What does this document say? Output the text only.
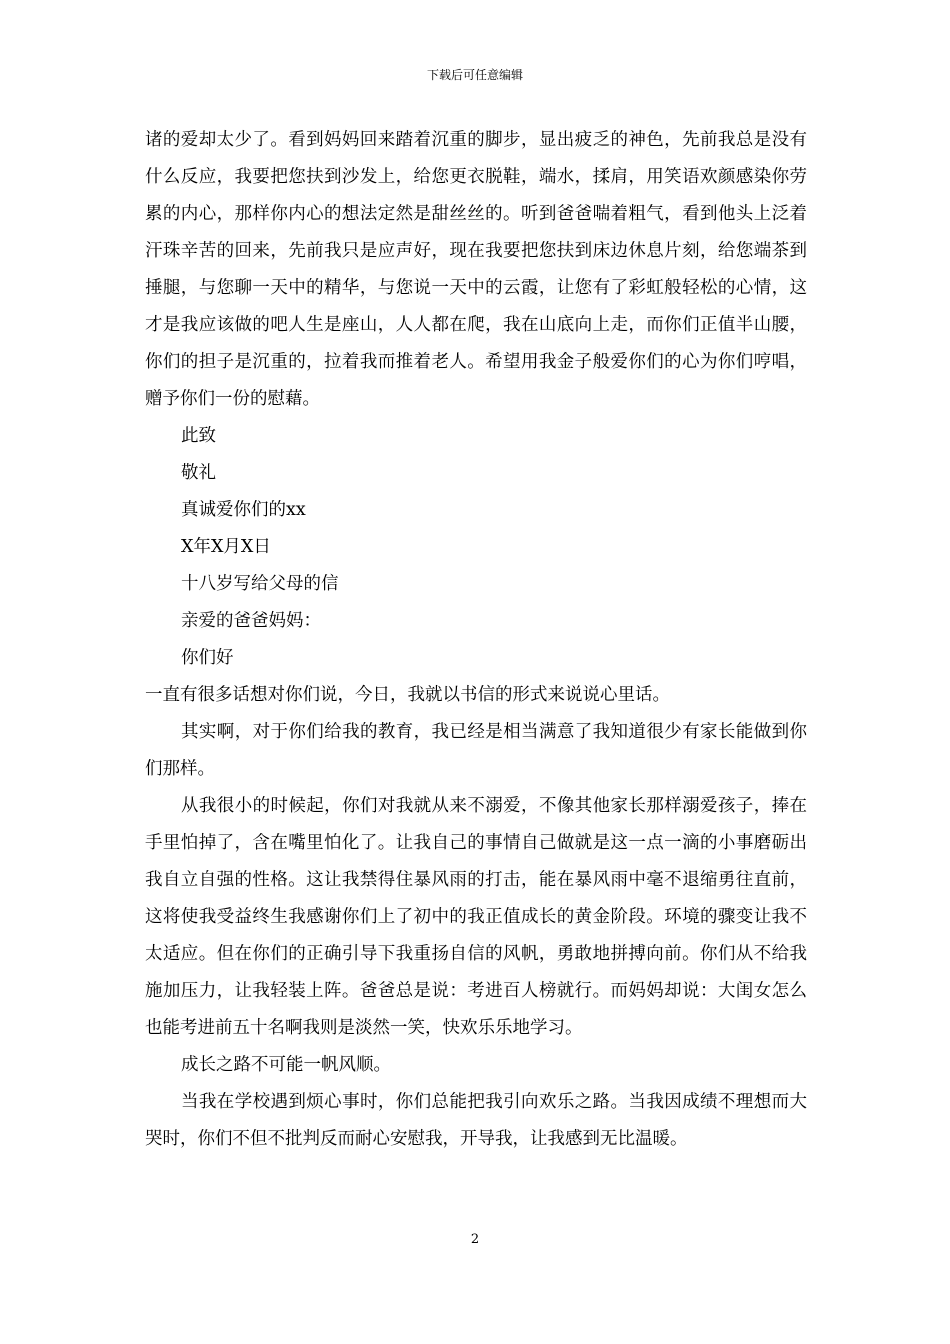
下载后可任意编辑

诸的爱却太少了。看到妈妈回来踏着沉重的脚步，显出疲乏的神色，先前我总是没有什么反应，我要把您扶到沙发上，给您更衣脱鞋，端水，揉肩，用笑语欢颜感染你劳累的内心，那样你内心的想法定然是甜丝丝的。听到爸爸喘着粗气，看到他头上泛着汗珠辛苦的回来，先前我只是应声好，现在我要把您扶到床边休息片刻，给您端茶到捶腿，与您聊一天中的精华，与您说一天中的云霞，让您有了彩虹般轻松的心情，这才是我应该做的吧人生是座山，人人都在爬，我在山底向上走，而你们正值半山腰，你们的担子是沉重的，拉着我而推着老人。希望用我金子般爱你们的心为你们哼唱，赠予你们一份的慰藉。

此致

敬礼

真诚爱你们的xx

X年X月X日

十八岁写给父母的信

亲爱的爸爸妈妈：

你们好

一直有很多话想对你们说，今日，我就以书信的形式来说说心里话。

其实啊，对于你们给我的教育，我已经是相当满意了我知道很少有家长能做到你们那样。

从我很小的时候起，你们对我就从来不溺爱，不像其他家长那样溺爱孩子，捧在手里怕掉了，含在嘴里怕化了。让我自己的事情自己做就是这一点一滴的小事磨砺出我自立自强的性格。这让我禁得住暴风雨的打击，能在暴风雨中毫不退缩勇往直前，这将使我受益终生我感谢你们上了初中的我正值成长的黄金阶段。环境的骤变让我不太适应。但在你们的正确引导下我重扬自信的风帆，勇敢地拼搏向前。你们从不给我施加压力，让我轻装上阵。爸爸总是说：考进百人榜就行。而妈妈却说：大闺女怎么也能考进前五十名啊我则是淡然一笑，快欢乐乐地学习。

成长之路不可能一帆风顺。

当我在学校遇到烦心事时，你们总能把我引向欢乐之路。当我因成绩不理想而大哭时，你们不但不批判反而耐心安慰我，开导我，让我感到无比温暖。

2
